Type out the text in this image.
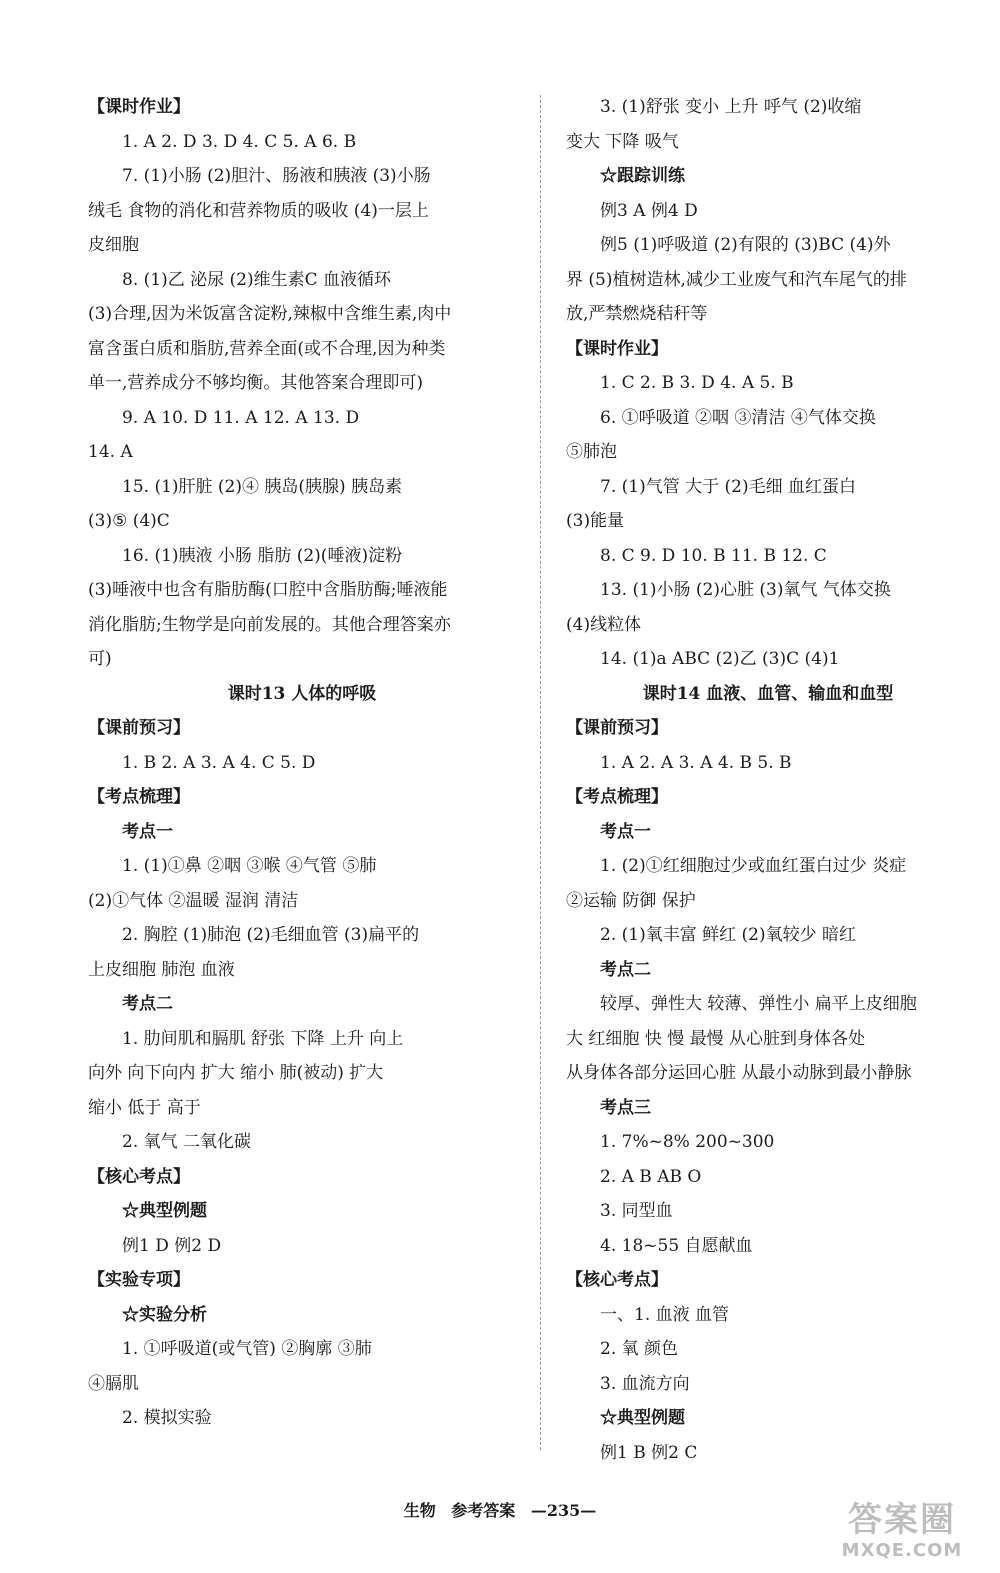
【课时作业】
1. A 2. D 3. D 4. C 5. A 6. B
7. (1)小肠 (2)胆汁、肠液和胰液 (3)小肠
绒毛 食物的消化和营养物质的吸收 (4)一层上
皮细胞
8. (1)乙 泌尿 (2)维生素C 血液循环
(3)合理,因为米饭富含淀粉,辣椒中含维生素,肉中
富含蛋白质和脂肪,营养全面(或不合理,因为种类
单一,营养成分不够均衡。其他答案合理即可)
9. A 10. D 11. A 12. A 13. D
14. A
15. (1)肝脏 (2)④ 胰岛(胰腺) 胰岛素
(3)⑤ (4)C
16. (1)胰液 小肠 脂肪 (2)(唾液)淀粉
(3)唾液中也含有脂肪酶(口腔中含脂肪酶;唾液能
消化脂肪;生物学是向前发展的。其他合理答案亦
可)
课时13 人体的呼吸
【课前预习】
1. B 2. A 3. A 4. C 5. D
【考点梳理】
考点一
1. (1)①鼻 ②咽 ③喉 ④气管 ⑤肺
(2)①气体 ②温暖 湿润 清洁
2. 胸腔 (1)肺泡 (2)毛细血管 (3)扁平的
上皮细胞 肺泡 血液
考点二
1. 肋间肌和膈肌 舒张 下降 上升 向上
向外 向下向内 扩大 缩小 肺(被动) 扩大
缩小 低于 高于
2. 氧气 二氧化碳
【核心考点】
☆典型例题
例1 D 例2 D
【实验专项】
☆实验分析
1. ①呼吸道(或气管) ②胸廓 ③肺
④膈肌
2. 模拟实验
3. (1)舒张 变小 上升 呼气 (2)收缩
变大 下降 吸气
☆跟踪训练
例3 A 例4 D
例5 (1)呼吸道 (2)有限的 (3)BC (4)外
界 (5)植树造林,减少工业废气和汽车尾气的排
放,严禁燃烧秸秆等
【课时作业】
1. C 2. B 3. D 4. A 5. B
6. ①呼吸道 ②咽 ③清洁 ④气体交换
⑤肺泡
7. (1)气管 大于 (2)毛细 血红蛋白
(3)能量
8. C 9. D 10. B 11. B 12. C
13. (1)小肠 (2)心脏 (3)氧气 气体交换
(4)线粒体
14. (1)a ABC (2)乙 (3)C (4)1
课时14 血液、血管、输血和血型
【课前预习】
1. A 2. A 3. A 4. B 5. B
【考点梳理】
考点一
1. (2)①红细胞过少或血红蛋白过少 炎症
②运输 防御 保护
2. (1)氧丰富 鲜红 (2)氧较少 暗红
考点二
较厚、弹性大 较薄、弹性小 扁平上皮细胞
大 红细胞 快 慢 最慢 从心脏到身体各处
从身体各部分运回心脏 从最小动脉到最小静脉
考点三
1. 7%~8% 200~300
2. A B AB O
3. 同型血
4. 18~55 自愿献血
【核心考点】
一、1. 血液 血管
2. 氧 颜色
3. 血流方向
☆典型例题
例1 B 例2 C
生物 参考答案 —235—	答案圈
MXQE.COM
